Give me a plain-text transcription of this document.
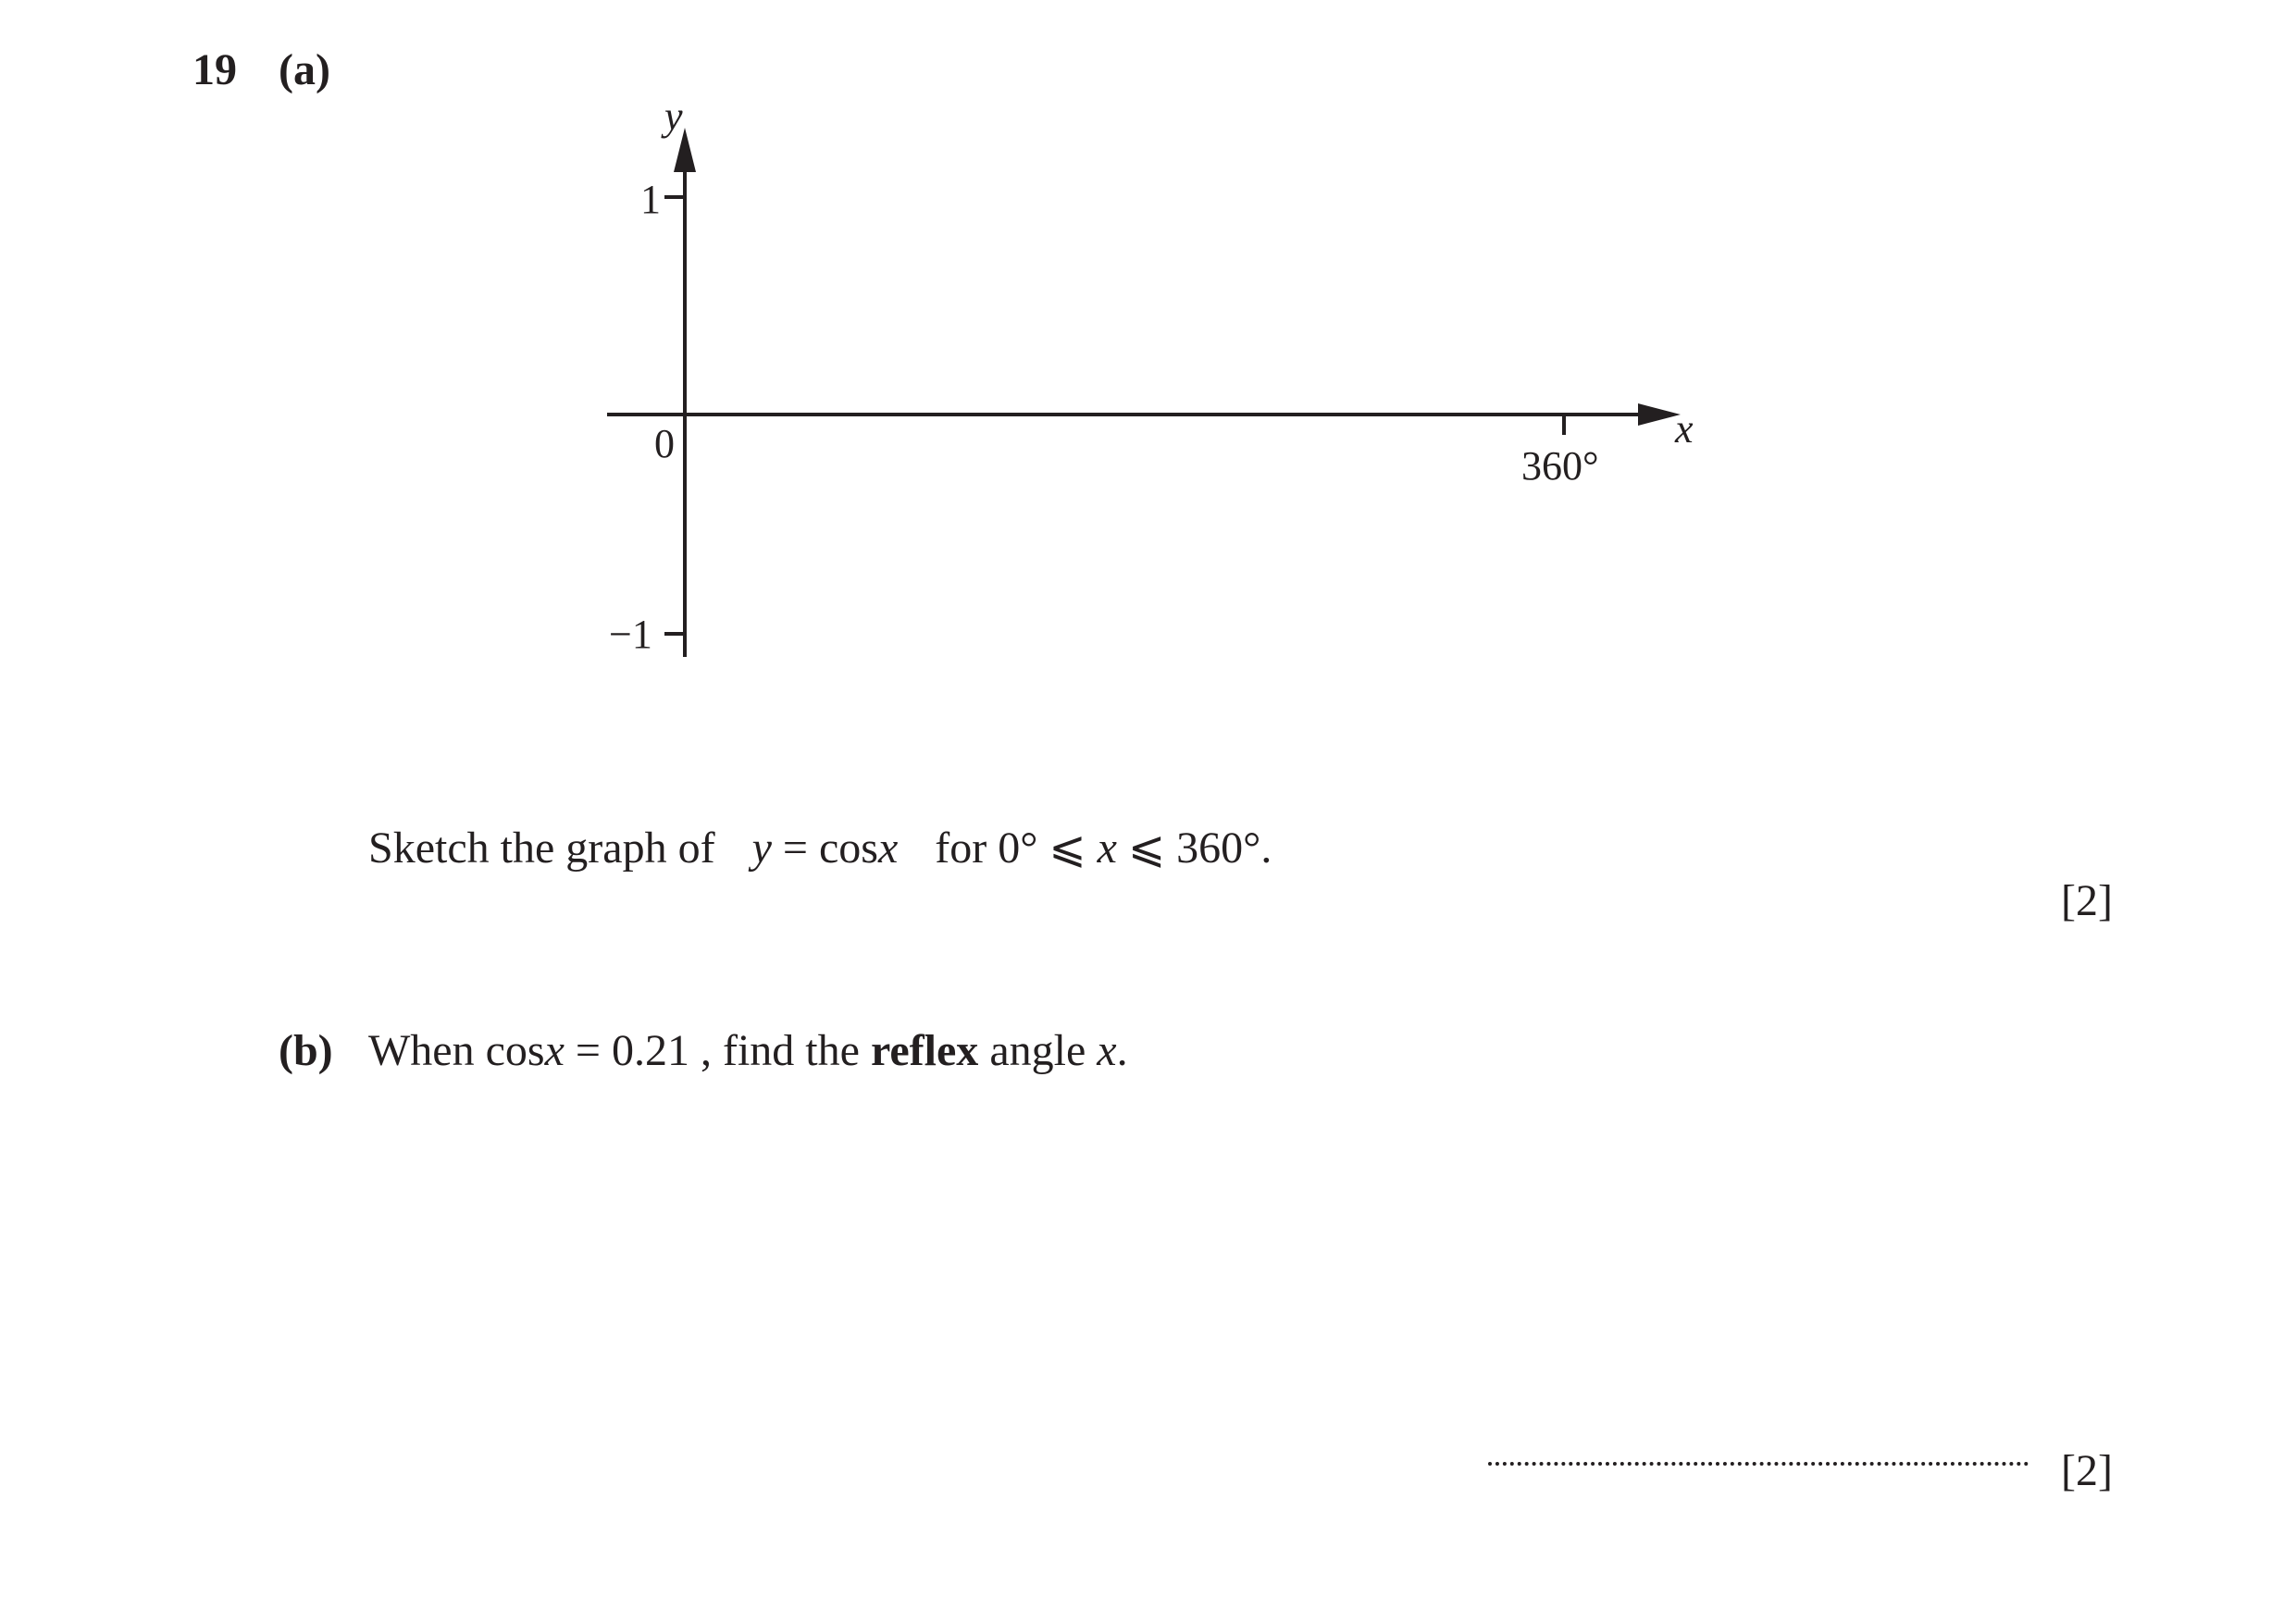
19 (a)
y
1
0
−1
360°
x
Sketch the graph of y = cosx for 0° ⩽ x ⩽ 360°.
[2]
(b) When cosx = 0.21 , find the reflex angle x.
[2]
